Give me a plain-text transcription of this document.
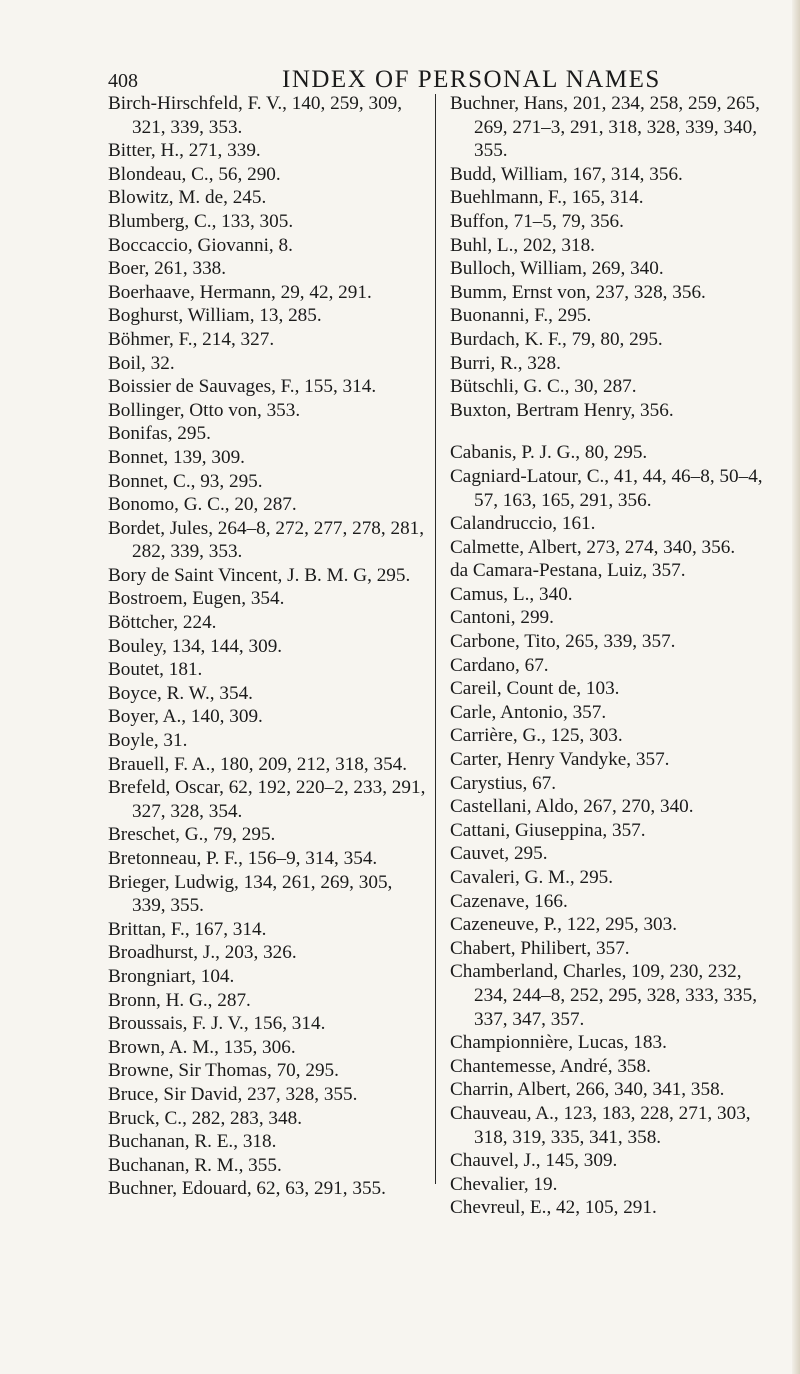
408	INDEX OF PERSONAL NAMES
Birch-Hirschfeld, F. V., 140, 259, 309, 321, 339, 353.
Bitter, H., 271, 339.
Blondeau, C., 56, 290.
Blowitz, M. de, 245.
Blumberg, C., 133, 305.
Boccaccio, Giovanni, 8.
Boer, 261, 338.
Boerhaave, Hermann, 29, 42, 291.
Boghurst, William, 13, 285.
Böhmer, F., 214, 327.
Boil, 32.
Boissier de Sauvages, F., 155, 314.
Bollinger, Otto von, 353.
Bonifas, 295.
Bonnet, 139, 309.
Bonnet, C., 93, 295.
Bonomo, G. C., 20, 287.
Bordet, Jules, 264–8, 272, 277, 278, 281, 282, 339, 353.
Bory de Saint Vincent, J. B. M. G, 295.
Bostroem, Eugen, 354.
Böttcher, 224.
Bouley, 134, 144, 309.
Boutet, 181.
Boyce, R. W., 354.
Boyer, A., 140, 309.
Boyle, 31.
Brauell, F. A., 180, 209, 212, 318, 354.
Brefeld, Oscar, 62, 192, 220–2, 233, 291, 327, 328, 354.
Breschet, G., 79, 295.
Bretonneau, P. F., 156–9, 314, 354.
Brieger, Ludwig, 134, 261, 269, 305, 339, 355.
Brittan, F., 167, 314.
Broadhurst, J., 203, 326.
Brongniart, 104.
Bronn, H. G., 287.
Broussais, F. J. V., 156, 314.
Brown, A. M., 135, 306.
Browne, Sir Thomas, 70, 295.
Bruce, Sir David, 237, 328, 355.
Bruck, C., 282, 283, 348.
Buchanan, R. E., 318.
Buchanan, R. M., 355.
Buchner, Edouard, 62, 63, 291, 355.
Buchner, Hans, 201, 234, 258, 259, 265, 269, 271–3, 291, 318, 328, 339, 340, 355.
Budd, William, 167, 314, 356.
Buehlmann, F., 165, 314.
Buffon, 71–5, 79, 356.
Buhl, L., 202, 318.
Bulloch, William, 269, 340.
Bumm, Ernst von, 237, 328, 356.
Buonanni, F., 295.
Burdach, K. F., 79, 80, 295.
Burri, R., 328.
Bütschli, G. C., 30, 287.
Buxton, Bertram Henry, 356.
Cabanis, P. J. G., 80, 295.
Cagniard-Latour, C., 41, 44, 46–8, 50–4, 57, 163, 165, 291, 356.
Calandruccio, 161.
Calmette, Albert, 273, 274, 340, 356.
da Camara-Pestana, Luiz, 357.
Camus, L., 340.
Cantoni, 299.
Carbone, Tito, 265, 339, 357.
Cardano, 67.
Careil, Count de, 103.
Carle, Antonio, 357.
Carrière, G., 125, 303.
Carter, Henry Vandyke, 357.
Carystius, 67.
Castellani, Aldo, 267, 270, 340.
Cattani, Giuseppina, 357.
Cauvet, 295.
Cavaleri, G. M., 295.
Cazenave, 166.
Cazeneuve, P., 122, 295, 303.
Chabert, Philibert, 357.
Chamberland, Charles, 109, 230, 232, 234, 244–8, 252, 295, 328, 333, 335, 337, 347, 357.
Championnière, Lucas, 183.
Chantemesse, André, 358.
Charrin, Albert, 266, 340, 341, 358.
Chauveau, A., 123, 183, 228, 271, 303, 318, 319, 335, 341, 358.
Chauvel, J., 145, 309.
Chevalier, 19.
Chevreul, E., 42, 105, 291.
